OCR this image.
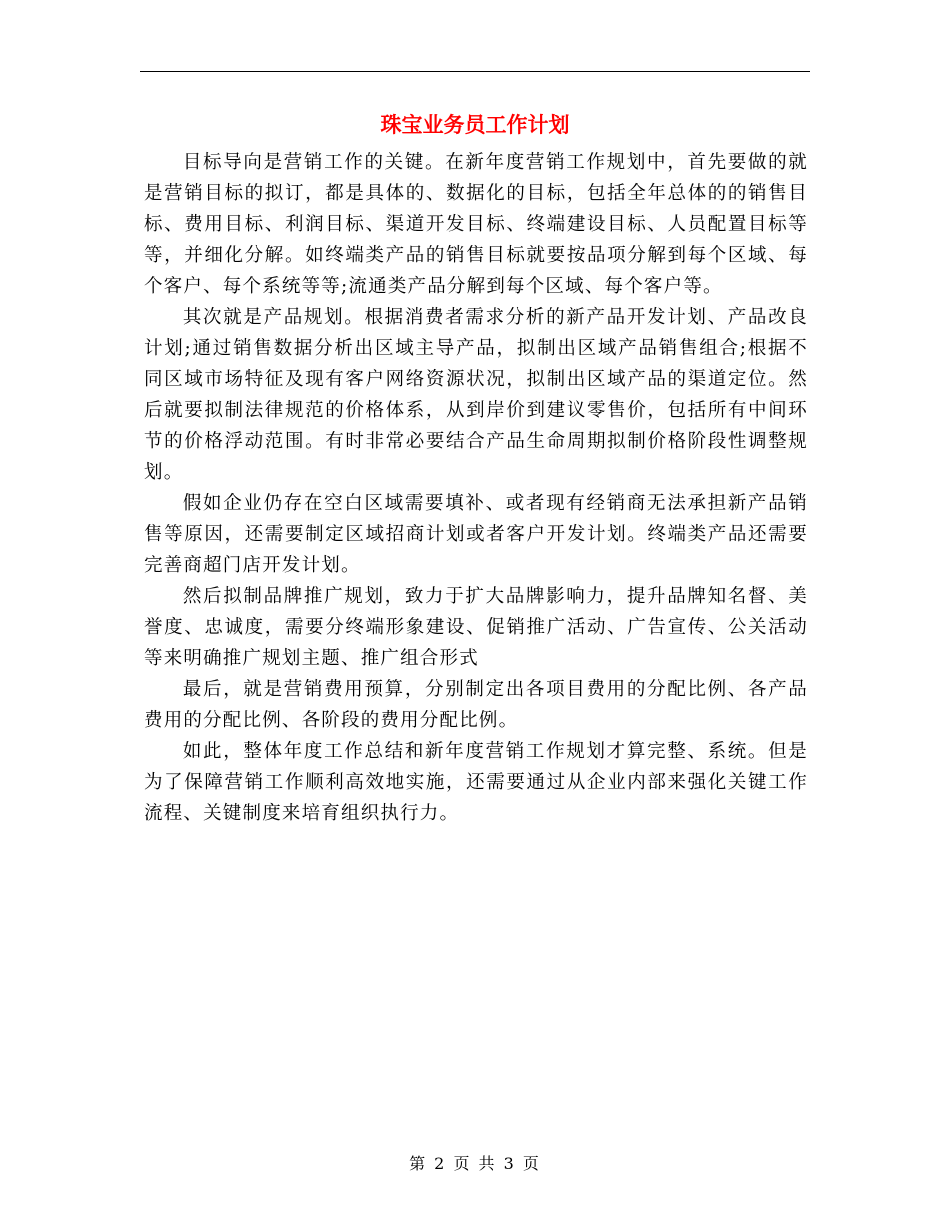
珠宝业务员工作计划

目标导向是营销工作的关键。在新年度营销工作规划中，首先要做的就是营销目标的拟订，都是具体的、数据化的目标，包括全年总体的的销售目标、费用目标、利润目标、渠道开发目标、终端建设目标、人员配置目标等等，并细化分解。如终端类产品的销售目标就要按品项分解到每个区域、每个客户、每个系统等等;流通类产品分解到每个区域、每个客户等。

其次就是产品规划。根据消费者需求分析的新产品开发计划、产品改良计划;通过销售数据分析出区域主导产品，拟制出区域产品销售组合;根据不同区域市场特征及现有客户网络资源状况，拟制出区域产品的渠道定位。然后就要拟制法律规范的价格体系，从到岸价到建议零售价，包括所有中间环节的价格浮动范围。有时非常必要结合产品生命周期拟制价格阶段性调整规划。

假如企业仍存在空白区域需要填补、或者现有经销商无法承担新产品销售等原因，还需要制定区域招商计划或者客户开发计划。终端类产品还需要完善商超门店开发计划。

然后拟制品牌推广规划，致力于扩大品牌影响力，提升品牌知名督、美誉度、忠诚度，需要分终端形象建设、促销推广活动、广告宣传、公关活动等来明确推广规划主题、推广组合形式

最后，就是营销费用预算，分别制定出各项目费用的分配比例、各产品费用的分配比例、各阶段的费用分配比例。

如此，整体年度工作总结和新年度营销工作规划才算完整、系统。但是为了保障营销工作顺利高效地实施，还需要通过从企业内部来强化关键工作流程、关键制度来培育组织执行力。

第 2 页 共 3 页
